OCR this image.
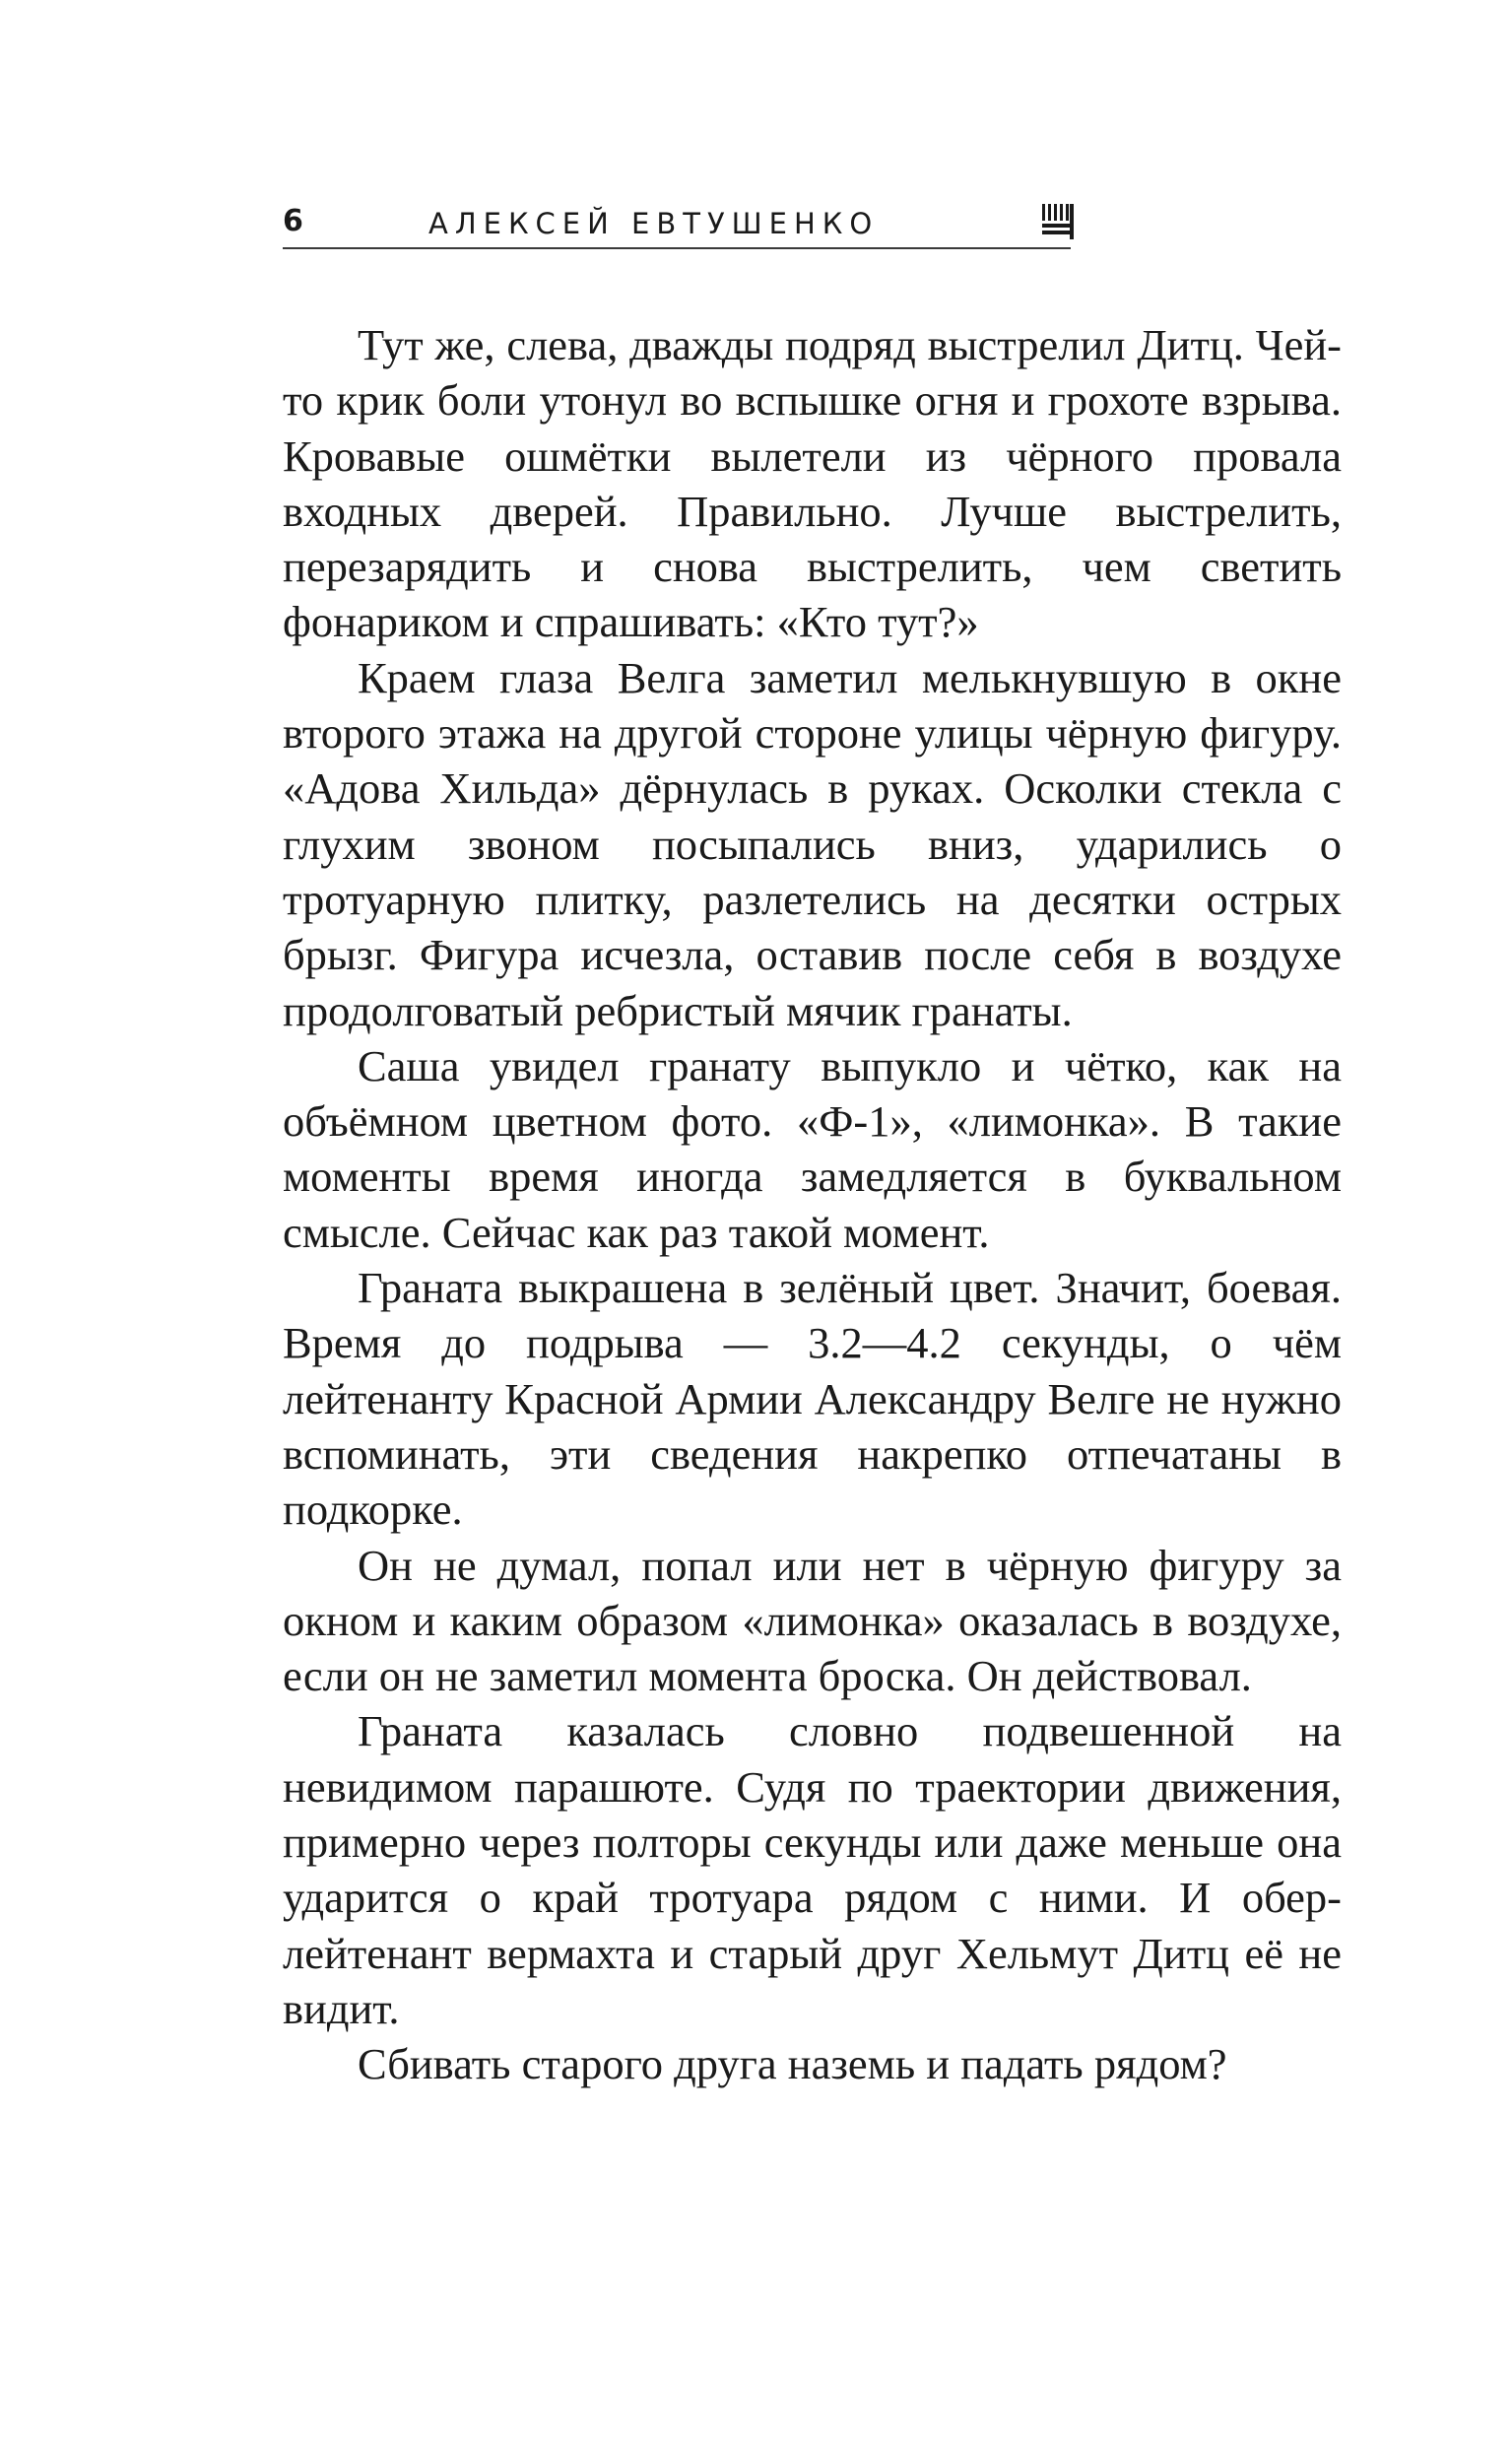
6	АЛЕКСЕЙ ЕВТУШЕНКО

Тут же, слева, дважды подряд выстрелил Дитц. Чей-то крик боли утонул во вспышке огня и грохоте взрыва. Кровавые ошмётки вылетели из чёрного провала входных дверей. Правильно. Лучше выстрелить, перезарядить и снова выстрелить, чем светить фонариком и спрашивать: «Кто тут?»

Краем глаза Велга заметил мелькнувшую в окне второго этажа на другой стороне улицы чёрную фигуру. «Адова Хильда» дёрнулась в руках. Осколки стекла с глухим звоном посыпались вниз, ударились о тротуарную плитку, разлетелись на десятки острых брызг. Фигура исчезла, оставив после себя в воздухе продолговатый ребристый мячик гранаты.

Саша увидел гранату выпукло и чётко, как на объёмном цветном фото. «Ф-1», «лимонка». В такие моменты время иногда замедляется в буквальном смысле. Сейчас как раз такой момент.

Граната выкрашена в зелёный цвет. Значит, боевая. Время до подрыва — 3.2—4.2 секунды, о чём лейтенанту Красной Армии Александру Велге не нужно вспоминать, эти сведения накрепко отпечатаны в подкорке.

Он не думал, попал или нет в чёрную фигуру за окном и каким образом «лимонка» оказалась в воздухе, если он не заметил момента броска. Он действовал.

Граната казалась словно подвешенной на невидимом парашюте. Судя по траектории движения, примерно через полторы секунды или даже меньше она ударится о край тротуара рядом с ними. И обер-лейтенант вермахта и старый друг Хельмут Дитц её не видит.

Сбивать старого друга наземь и падать рядом?
